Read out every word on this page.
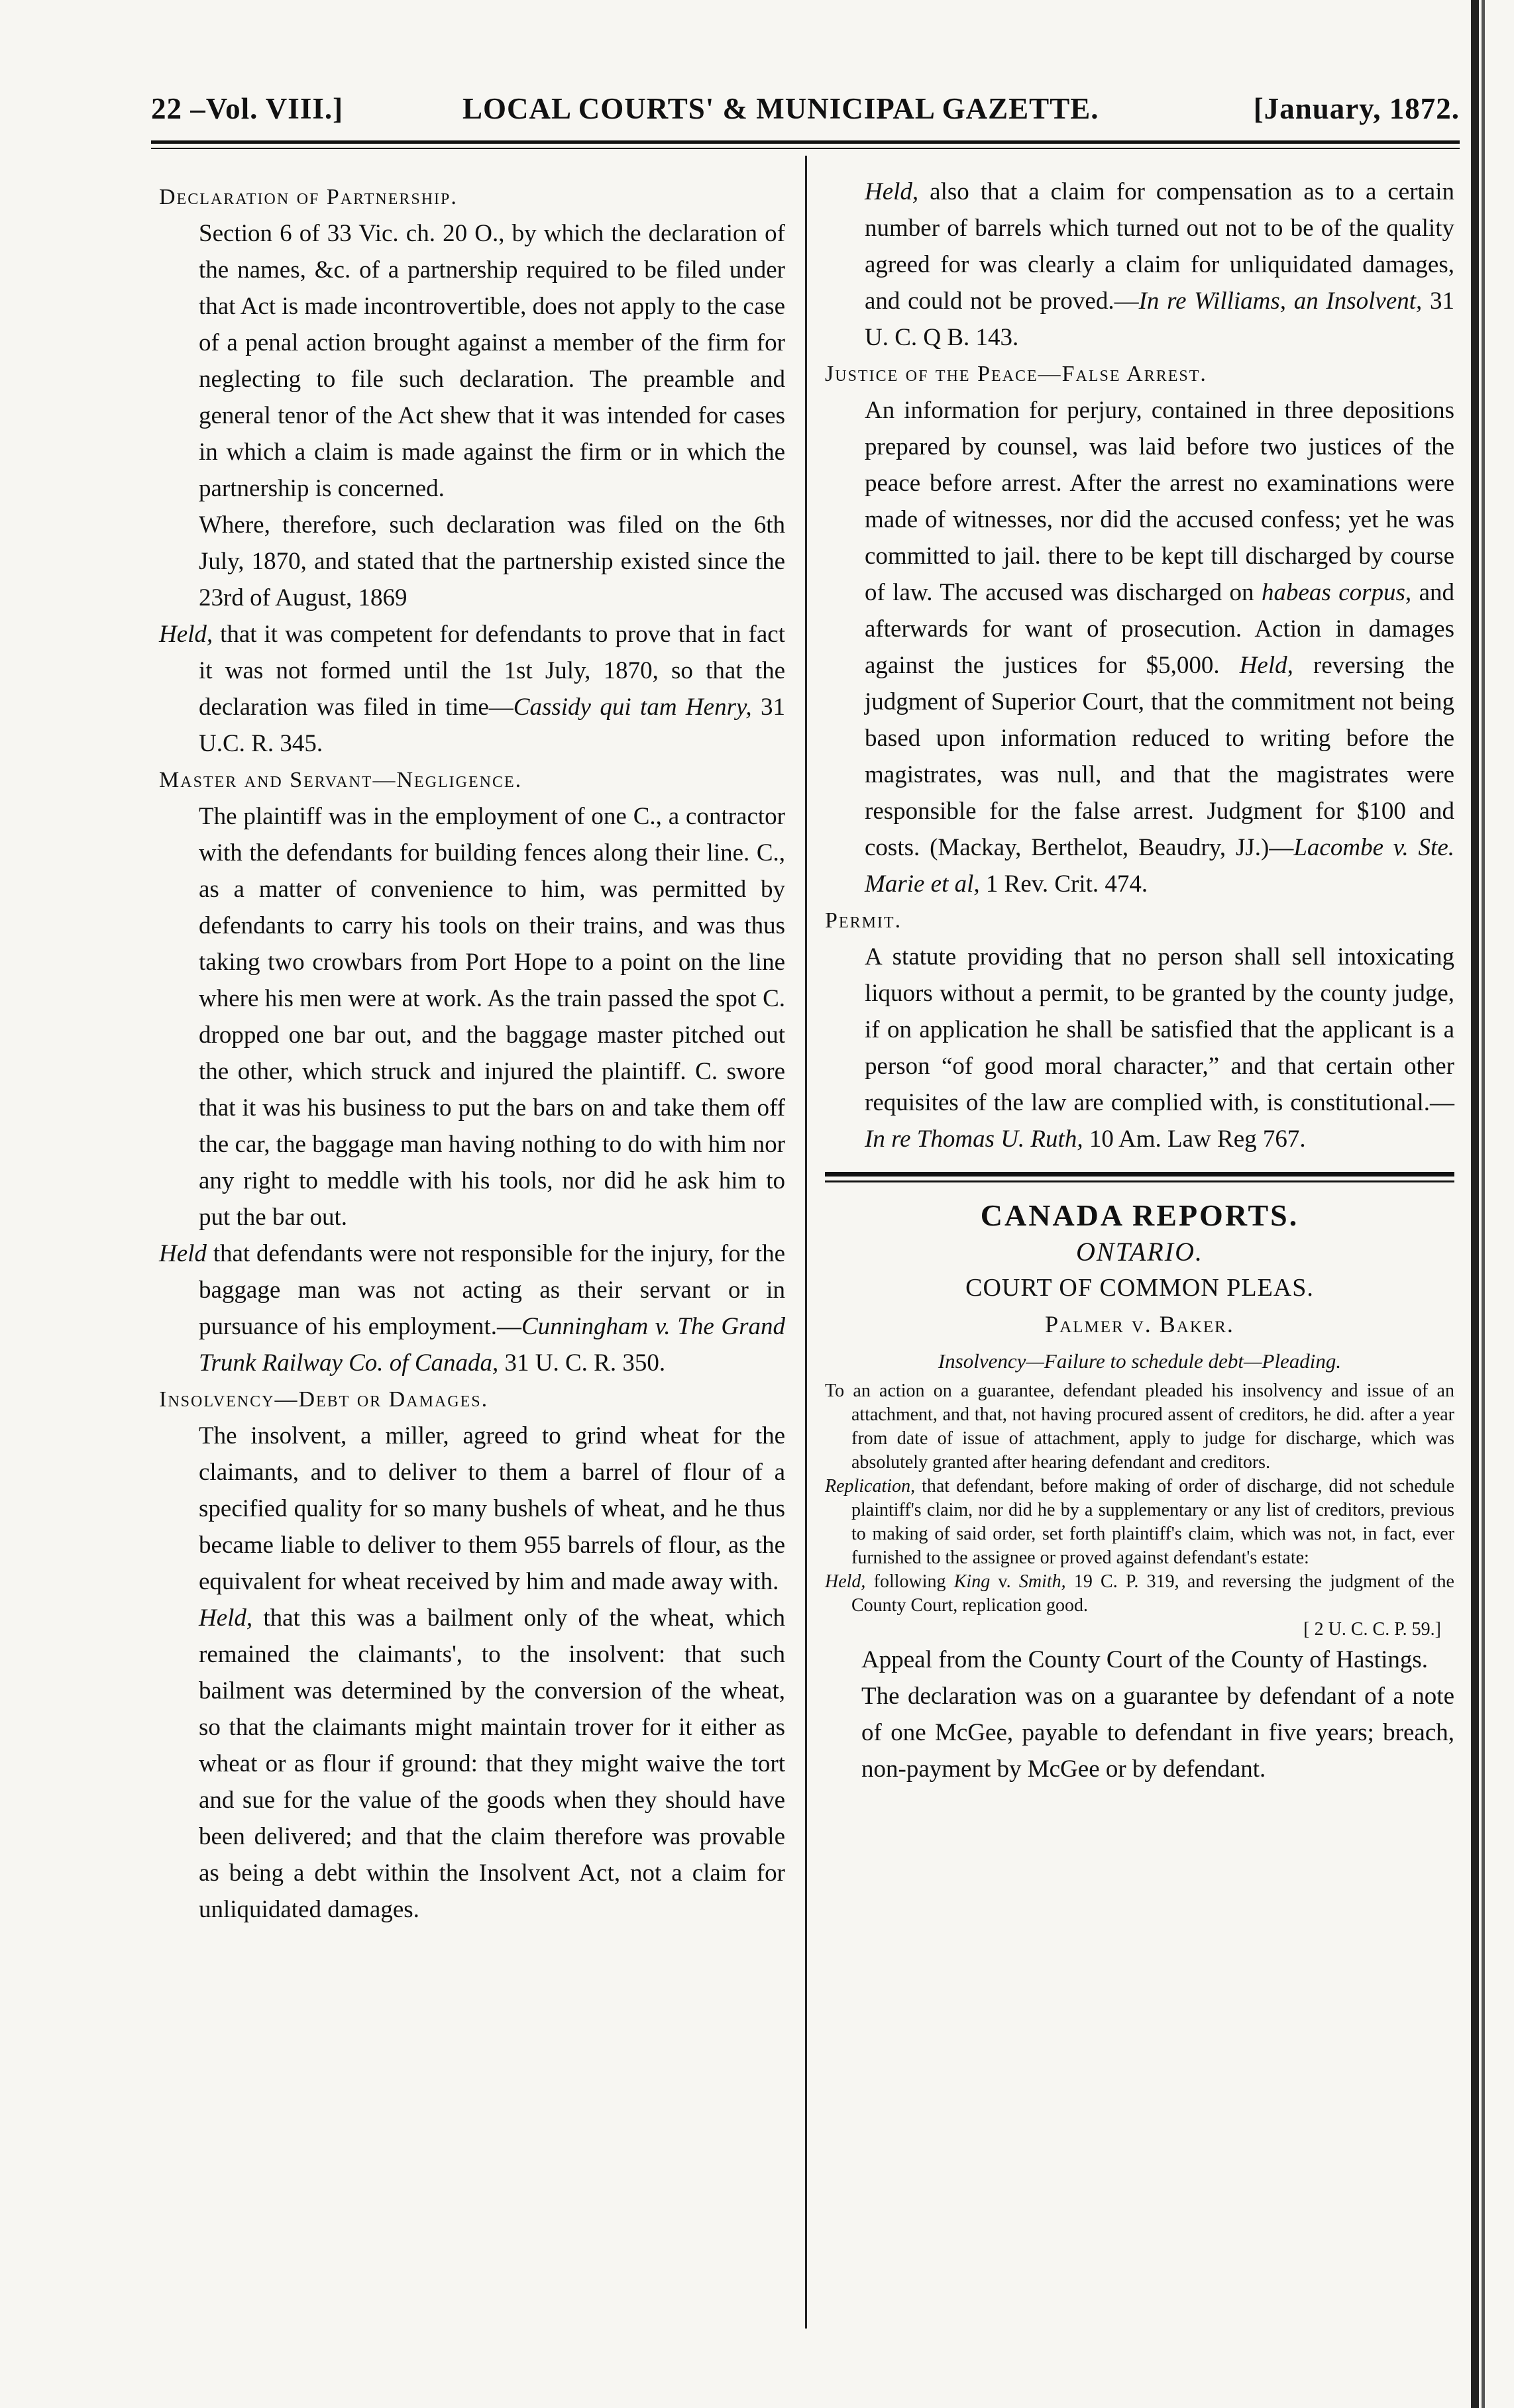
22 –Vol. VIII.]	LOCAL COURTS' & MUNICIPAL GAZETTE.	[January, 1872.

Declaration of Partnership.

Section 6 of 33 Vic. ch. 20 O., by which the declaration of the names, &c. of a partnership required to be filed under that Act is made incontrovertible, does not apply to the case of a penal action brought against a member of the firm for neglecting to file such declaration. The preamble and general tenor of the Act shew that it was intended for cases in which a claim is made against the firm or in which the partnership is concerned.

Where, therefore, such declaration was filed on the 6th July, 1870, and stated that the partnership existed since the 23rd of August, 1869

Held, that it was competent for defendants to prove that in fact it was not formed until the 1st July, 1870, so that the declaration was filed in time—Cassidy qui tam Henry, 31 U.C. R. 345.

Master and Servant—Negligence.

The plaintiff was in the employment of one C., a contractor with the defendants for building fences along their line. C., as a matter of convenience to him, was permitted by defendants to carry his tools on their trains, and was thus taking two crowbars from Port Hope to a point on the line where his men were at work. As the train passed the spot C. dropped one bar out, and the baggage master pitched out the other, which struck and injured the plaintiff. C. swore that it was his business to put the bars on and take them off the car, the baggage man having nothing to do with him nor any right to meddle with his tools, nor did he ask him to put the bar out.

Held that defendants were not responsible for the injury, for the baggage man was not acting as their servant or in pursuance of his employment.—Cunningham v. The Grand Trunk Railway Co. of Canada, 31 U. C. R. 350.

Insolvency—Debt or Damages.

The insolvent, a miller, agreed to grind wheat for the claimants, and to deliver to them a barrel of flour of a specified quality for so many bushels of wheat, and he thus became liable to deliver to them 955 barrels of flour, as the equivalent for wheat received by him and made away with.

Held, that this was a bailment only of the wheat, which remained the claimants', to the insolvent: that such bailment was determined by the conversion of the wheat, so that the claimants might maintain trover for it either as wheat or as flour if ground: that they might waive the tort and sue for the value of the goods when they should have been delivered; and that the claim therefore was provable as being a debt within the Insolvent Act, not a claim for unliquidated damages.

Held, also that a claim for compensation as to a certain number of barrels which turned out not to be of the quality agreed for was clearly a claim for unliquidated damages, and could not be proved.—In re Williams, an Insolvent, 31 U. C. Q B. 143.

Justice of the Peace—False Arrest.

An information for perjury, contained in three depositions prepared by counsel, was laid before two justices of the peace before arrest. After the arrest no examinations were made of witnesses, nor did the accused confess; yet he was committed to jail. there to be kept till discharged by course of law. The accused was discharged on habeas corpus, and afterwards for want of prosecution. Action in damages against the justices for $5,000. Held, reversing the judgment of Superior Court, that the commitment not being based upon information reduced to writing before the magistrates, was null, and that the magistrates were responsible for the false arrest. Judgment for $100 and costs. (Mackay, Berthelot, Beaudry, JJ.)—Lacombe v. Ste. Marie et al, 1 Rev. Crit. 474.

Permit.

A statute providing that no person shall sell intoxicating liquors without a permit, to be granted by the county judge, if on application he shall be satisfied that the applicant is a person “of good moral character,” and that certain other requisites of the law are complied with, is constitutional.—In re Thomas U. Ruth, 10 Am. Law Reg 767.

CANADA REPORTS.

ONTARIO.

COURT OF COMMON PLEAS.

Palmer v. Baker.

Insolvency—Failure to schedule debt—Pleading.

To an action on a guarantee, defendant pleaded his insolvency and issue of an attachment, and that, not having procured assent of creditors, he did. after a year from date of issue of attachment, apply to judge for discharge, which was absolutely granted after hearing defendant and creditors.

Replication, that defendant, before making of order of discharge, did not schedule plaintiff's claim, nor did he by a supplementary or any list of creditors, previous to making of said order, set forth plaintiff's claim, which was not, in fact, ever furnished to the assignee or proved against defendant's estate:

Held, following King v. Smith, 19 C. P. 319, and reversing the judgment of the County Court, replication good.

[ 2 U. C. C. P. 59.]

Appeal from the County Court of the County of Hastings.

The declaration was on a guarantee by defendant of a note of one McGee, payable to defendant in five years; breach, non-payment by McGee or by defendant.
